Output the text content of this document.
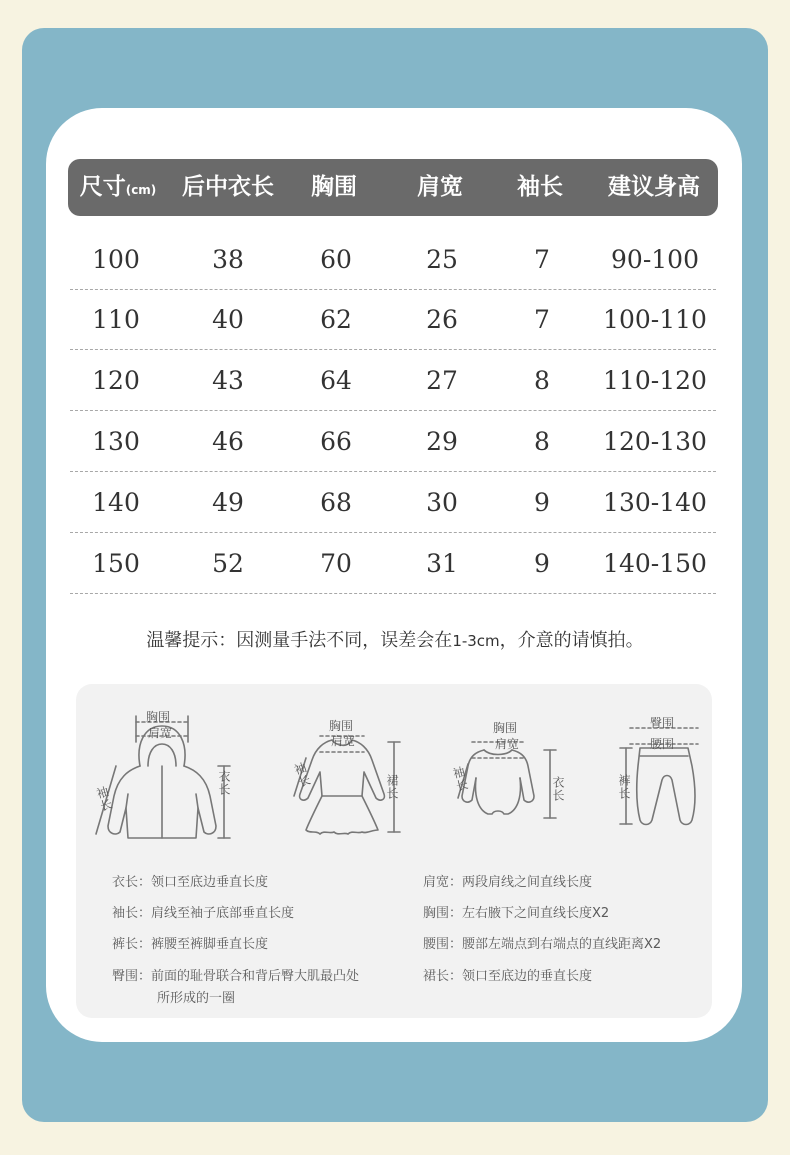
尺寸(cm) 后中衣长 胸围	肩宽 袖长 建议身高
100	38	60	25	7 90-100
110	40	62	26	7 100-110
120	43	64	27	8 110-120
130	46	66	29	8 120-130
140	49	68	30	9 130-140
150	52	70	31	9 140-150
温馨提示：因测量手法不同，误差会在1-3cm，介意的请慎拍。
胸围
肩宽
袖长
衣长
胸围
肩宽
袖长	裙长
胸围
肩宽
袖长	衣长
臀围
腰围
裤长
衣长：领口至底边垂直长度
袖长：肩线至袖子底部垂直长度
裤长：裤腰至裤脚垂直长度
臀围：前面的耻骨联合和背后臀大肌最凸处
所形成的一圈
肩宽：两段肩线之间直线长度
胸围：左右腋下之间直线长度X2
腰围：腰部左端点到右端点的直线距离X2
裙长：领口至底边的垂直长度
